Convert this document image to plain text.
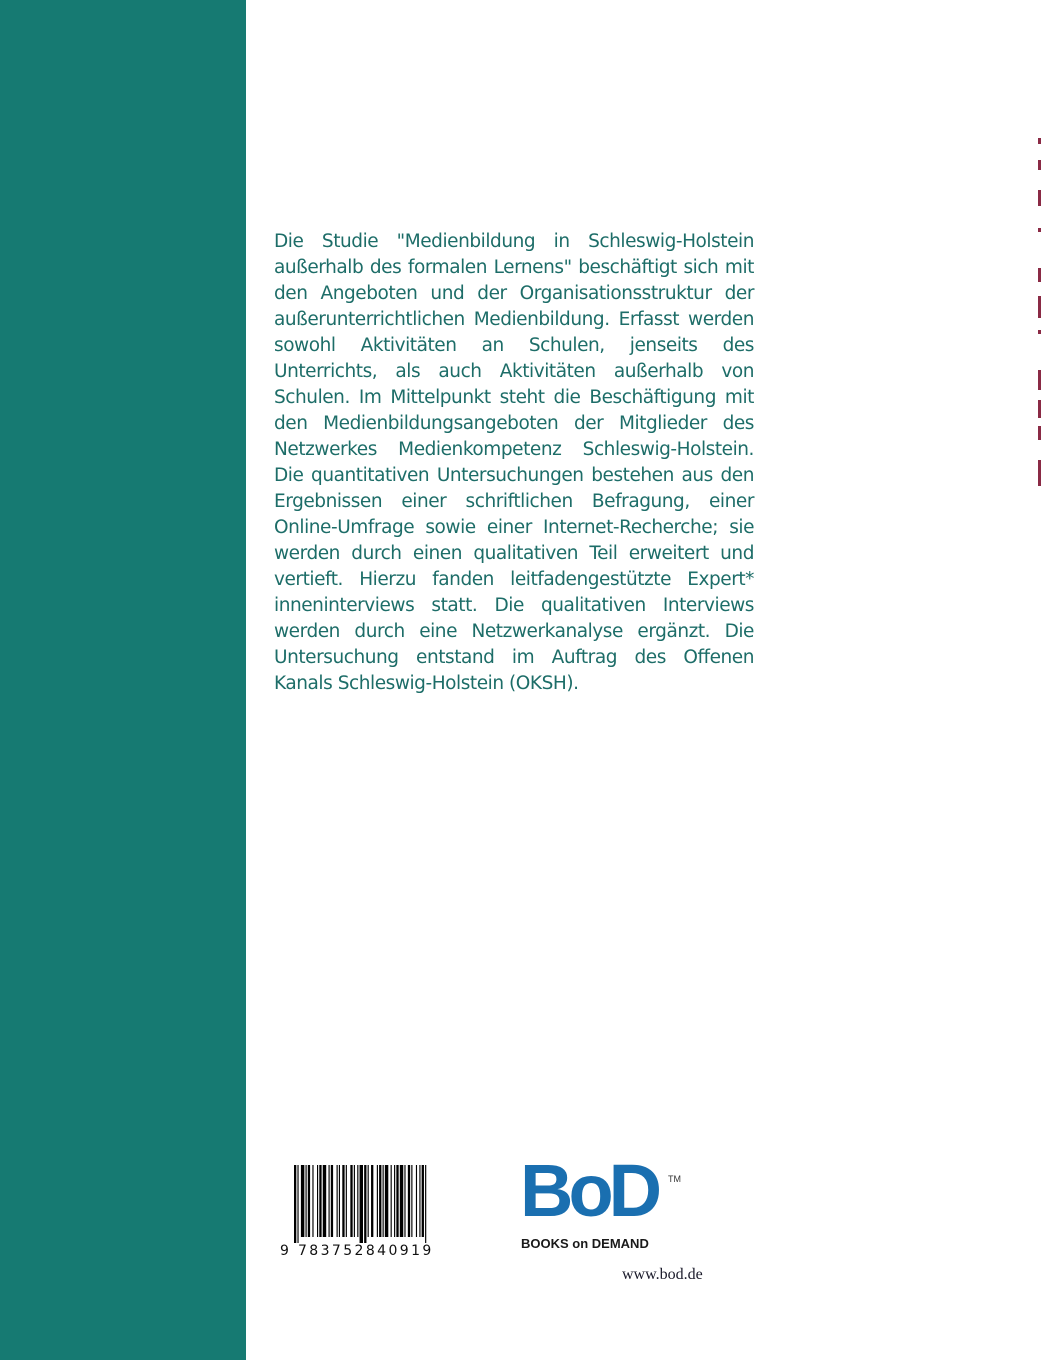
Die Studie "Medienbildung in Schleswig-Holstein außerhalb des formalen Lernens" beschäftigt sich mit den Angeboten und der Organisationsstruktur der außerunterrichtlichen Medienbildung. Erfasst werden sowohl Aktivitäten an Schulen, jenseits des Unterrichts, als auch Aktivitäten außerhalb von Schulen. Im Mittelpunkt steht die Beschäftigung mit den Medienbildungsangeboten der Mitglieder des Netzwerkes Medienkompetenz Schleswig-Holstein. Die quantitativen Untersuchungen bestehen aus den Ergebnissen einer schriftlichen Befragung, einer Online-Umfrage sowie einer Internet-Recherche; sie werden durch einen qualitativen Teil erweitert und vertieft. Hierzu fanden leitfadengestützte Expert* inneninterviews statt. Die qualitativen Interviews werden durch eine Netzwerkanalyse ergänzt. Die Untersuchung entstand im Auftrag des Offenen Kanals Schleswig-Holstein (OKSH).

9 783752840919
BoD TM
BOOKS on DEMAND
www.bod.de
